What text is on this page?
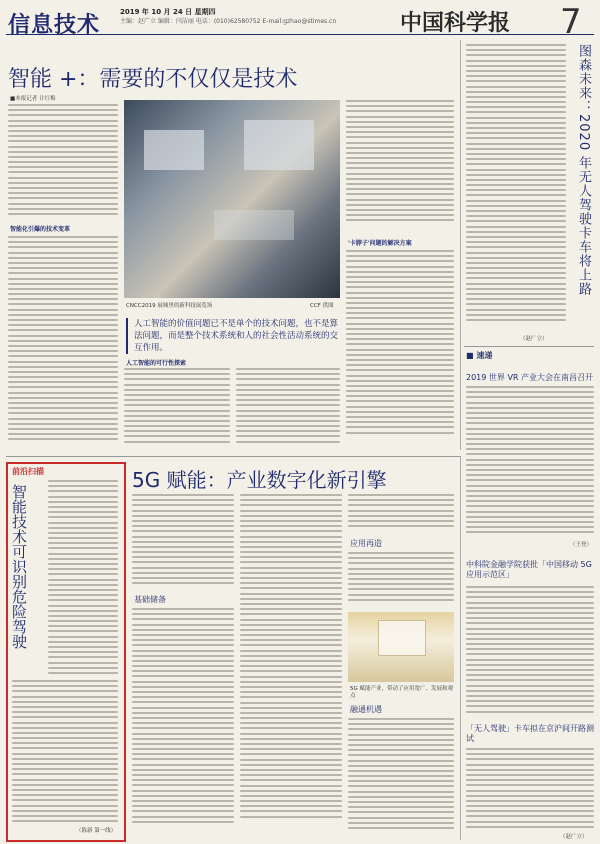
信息技术
2019 年 10 月 24 日 星期四
主编：赵广立 编辑：闫洁丽 电话：(010)62580752 E-mail:gzhao@stimes.cn	中国科学报 7
智能 +：需要的不仅仅是技术
■本报记者 计红梅
智能化引爆的技术变革
CNCC2019 展城里的新科技展览场	CCF 供图
人工智能的价值问题已不是单个的技术问题，也不是算法问题，而是整个技术系统和人的社会性活动系统的交互作用。
人工智能的可行性探索
'卡脖子'问题的解决方案	图森未来：2020 年无人驾驶卡车将上路
（赵广立）
■ 速递
2019 世界 VR 产业大会在南昌召开
（王登）
中科院金融学院获批「中国移动 5G 应用示范区」
「无人驾驶」卡车拟在京沪间开路测试
（赵广立）
前沿扫描
智能技术可识别危险驾驶
（陈新 第一线）
5G 赋能：产业数字化新引擎
基础储备
应用再造
5G 赋能产业，带动了应用宽广、发展和观点
融通机遇
